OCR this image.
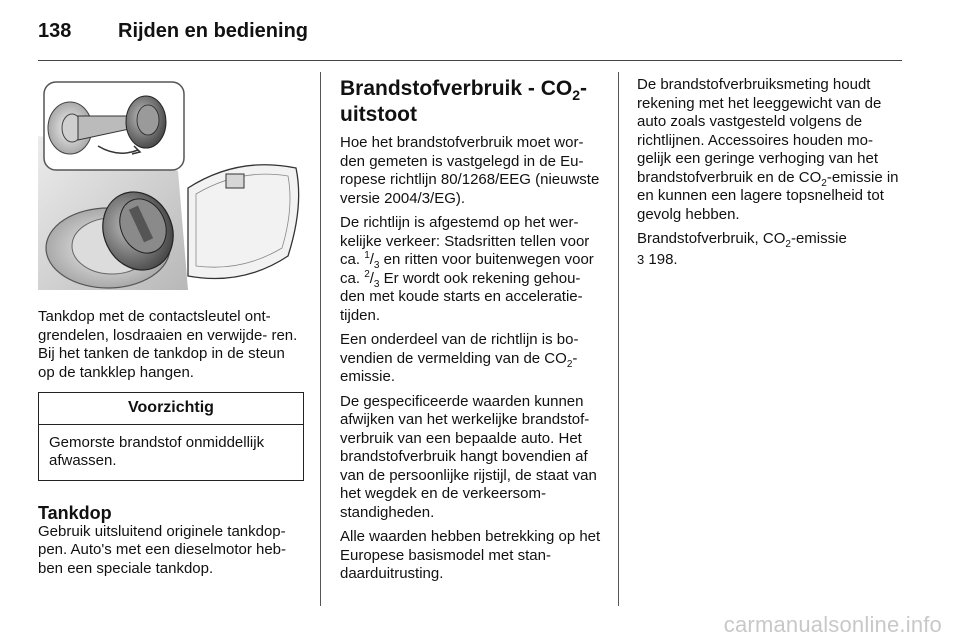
138 Rijden en bediening

Tankdop met de contactsleutel ont- grendelen, losdraaien en verwijde- ren. Bij het tanken de tankdop in de steun op de tankklep hangen.

Voorzichtig
Gemorste brandstof onmiddellijk afwassen.
Tankdop

Gebruik uitsluitend originele tankdop- pen. Auto's met een dieselmotor heb- ben een speciale tankdop.

Brandstofverbruik - $CO_2$-uitstoot

Hoe het brandstofverbruik moet wor- den gemeten is vastgelegd in de Eu- ropese richtlijn 80/1268/EEG (nieuwste versie 2004/3/EG).

De richtlijn is afgestemd op het wer- kelijke verkeer: Stadsritten tellen voor ca. $^1/_3$ en ritten voor buitenwegen voor ca. $^2/_3$ Er wordt ook rekening gehou- den met koude starts en acceleratie- tijden.

Een onderdeel van de richtlijn is bo- vendien de vermelding van de $CO_2$-emissie.

De gespecificeerde waarden kunnen afwijken van het werkelijke brandstof- verbruik van een bepaalde auto. Het brandstofverbruik hangt bovendien af van de persoonlijke rijstijl, de staat van het wegdek en de verkeersom- standigheden.

Alle waarden hebben betrekking op het Europese basismodel met stan- daarduitrusting.

De brandstofverbruiksmeting houdt rekening met het leeggewicht van de auto zoals vastgesteld volgens de richtlijnen. Accessoires houden mo- gelijk een geringe verhoging van het brandstofverbruik en de $CO_2$-emissie in en kunnen een lagere topsnelheid tot gevolg hebben.

Brandstofverbruik, $CO_2$-emissie

3 198.

carmanualsonline.info
